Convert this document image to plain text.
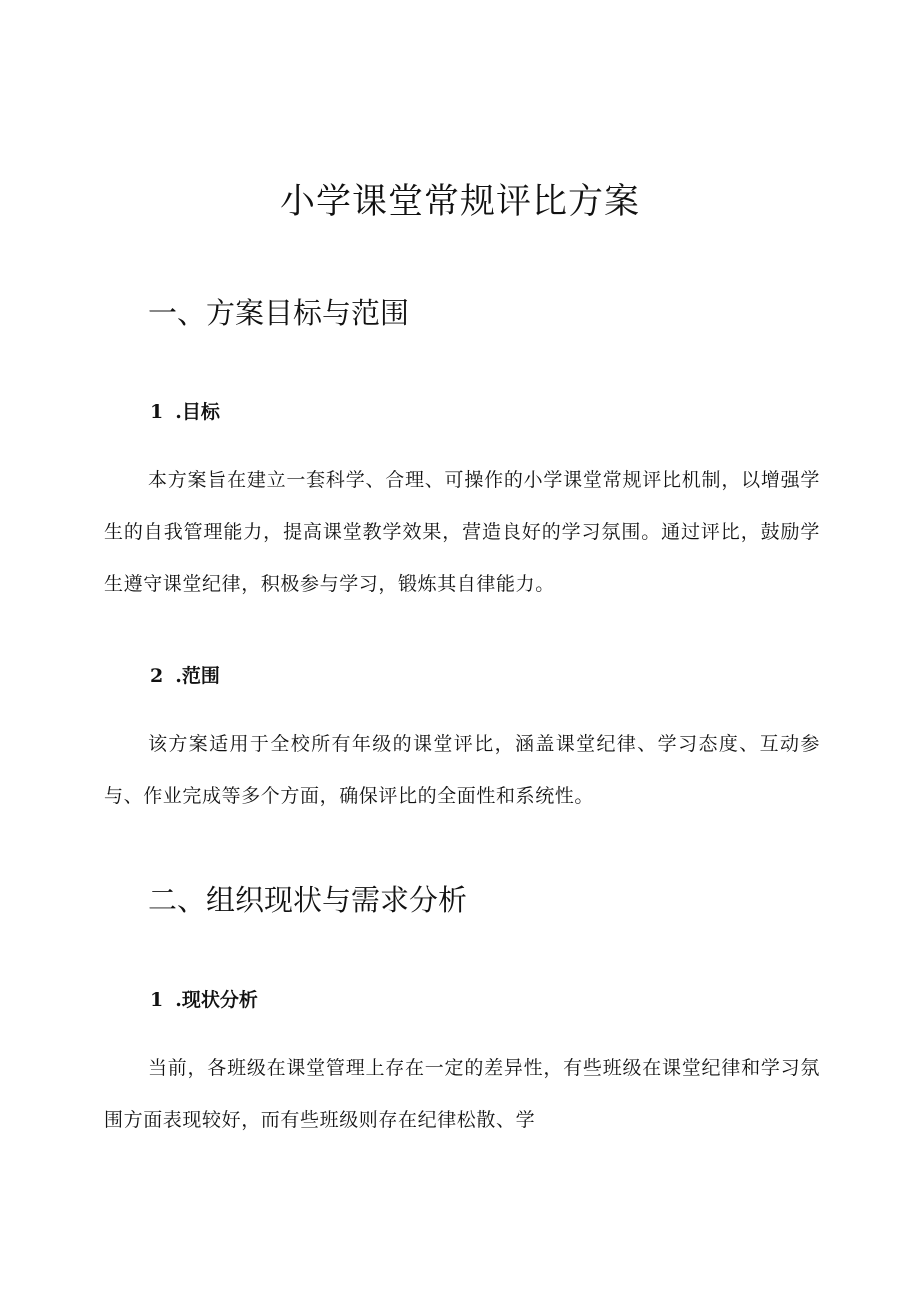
小学课堂常规评比方案
一、方案目标与范围
1 .目标

本方案旨在建立一套科学、合理、可操作的小学课堂常规评比机制，以增强学生的自我管理能力，提高课堂教学效果，营造良好的学习氛围。通过评比，鼓励学生遵守课堂纪律，积极参与学习，锻炼其自律能力。

2 .范围

该方案适用于全校所有年级的课堂评比，涵盖课堂纪律、学习态度、互动参与、作业完成等多个方面，确保评比的全面性和系统性。

二、组织现状与需求分析
1 .现状分析

当前，各班级在课堂管理上存在一定的差异性，有些班级在课堂纪律和学习氛围方面表现较好，而有些班级则存在纪律松散、学
